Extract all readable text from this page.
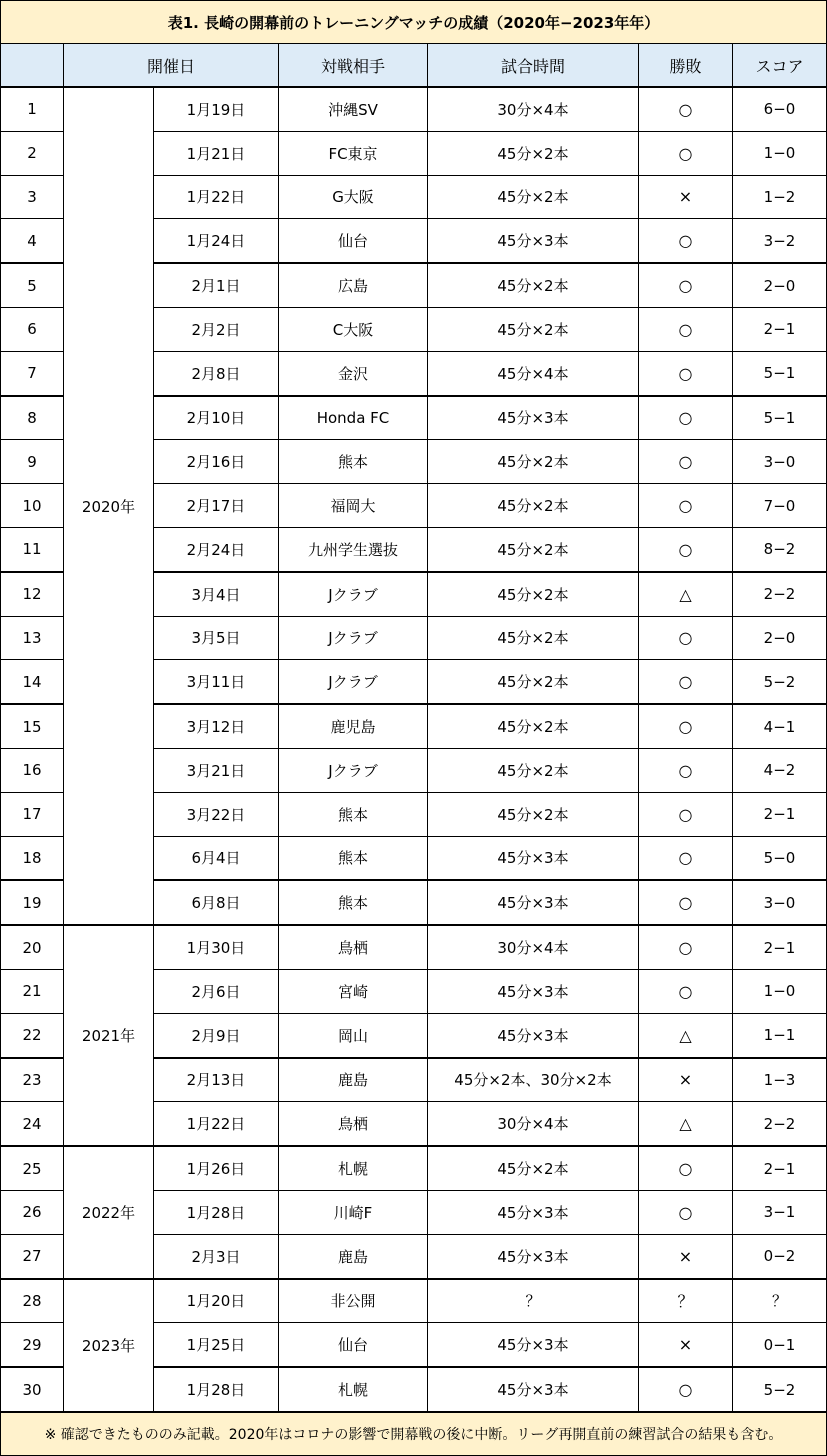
表1. 長崎の開幕前のトレーニングマッチの成績（2020年−2023年年）						
	開催日		対戦相手	試合時間	勝敗	スコア
1	2020年	1月19日	沖縄SV	30分×4本	○	6−0
2		1月21日	FC東京	45分×2本	○	1−0
3		1月22日	G大阪	45分×2本	×	1−2
4		1月24日	仙台	45分×3本	○	3−2
5		2月1日	広島	45分×2本	○	2−0
6		2月2日	C大阪	45分×2本	○	2−1
7		2月8日	金沢	45分×4本	○	5−1
8		2月10日	Honda FC	45分×3本	○	5−1
9		2月16日	熊本	45分×2本	○	3−0
10		2月17日	福岡大	45分×2本	○	7−0
11		2月24日	九州学生選抜	45分×2本	○	8−2
12		3月4日	Jクラブ	45分×2本	△	2−2
13		3月5日	Jクラブ	45分×2本	○	2−0
14		3月11日	Jクラブ	45分×2本	○	5−2
15		3月12日	鹿児島	45分×2本	○	4−1
16		3月21日	Jクラブ	45分×2本	○	4−2
17		3月22日	熊本	45分×2本	○	2−1
18		6月4日	熊本	45分×3本	○	5−0
19		6月8日	熊本	45分×3本	○	3−0
20	2021年	1月30日	鳥栖	30分×4本	○	2−1
21		2月6日	宮崎	45分×3本	○	1−0
22		2月9日	岡山	45分×3本	△	1−1
23		2月13日	鹿島	45分×2本、30分×2本	×	1−3
24		1月22日	鳥栖	30分×4本	△	2−2
25	2022年	1月26日	札幌	45分×2本	○	2−1
26		1月28日	川崎F	45分×3本	○	3−1
27		2月3日	鹿島	45分×3本	×	0−2
28	2023年	1月20日	非公開	？	？	？
29		1月25日	仙台	45分×3本	×	0−1
30		1月28日	札幌	45分×3本	○	5−2
※ 確認できたもののみ記載。2020年はコロナの影響で開幕戦の後に中断。リーグ再開直前の練習試合の結果も含む。						
